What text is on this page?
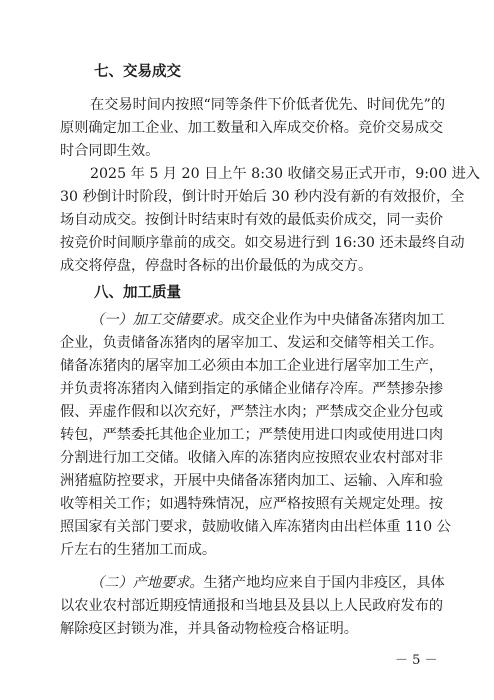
七、交易成交
在交易时间内按照“同等条件下价低者优先、时间优先”的
原则确定加工企业、加工数量和入库成交价格。竞价交易成交
时合同即生效。
2025 年 5 月 20 日上午 8:30 收储交易正式开市，9:00 进入
30 秒倒计时阶段，倒计时开始后 30 秒内没有新的有效报价，全
场自动成交。按倒计时结束时有效的最低卖价成交，同一卖价
按竞价时间顺序靠前的成交。如交易进行到 16:30 还未最终自动
成交将停盘，停盘时各标的出价最低的为成交方。
八、加工质量
（一）加工交储要求。成交企业作为中央储备冻猪肉加工
企业，负责储备冻猪肉的屠宰加工、发运和交储等相关工作。
储备冻猪肉的屠宰加工必须由本加工企业进行屠宰加工生产，
并负责将冻猪肉入储到指定的承储企业储存冷库。严禁掺杂掺
假、弄虚作假和以次充好，严禁注水肉；严禁成交企业分包或
转包，严禁委托其他企业加工；严禁使用进口肉或使用进口肉
分割进行加工交储。收储入库的冻猪肉应按照农业农村部对非
洲猪瘟防控要求，开展中央储备冻猪肉加工、运输、入库和验
收等相关工作；如遇特殊情况，应严格按照有关规定处理。按
照国家有关部门要求，鼓励收储入库冻猪肉由出栏体重 110 公
斤左右的生猪加工而成。
（二）产地要求。生猪产地均应来自于国内非疫区，具体
以农业农村部近期疫情通报和当地县及县以上人民政府发布的
解除疫区封锁为准，并具备动物检疫合格证明。
－ 5 －
